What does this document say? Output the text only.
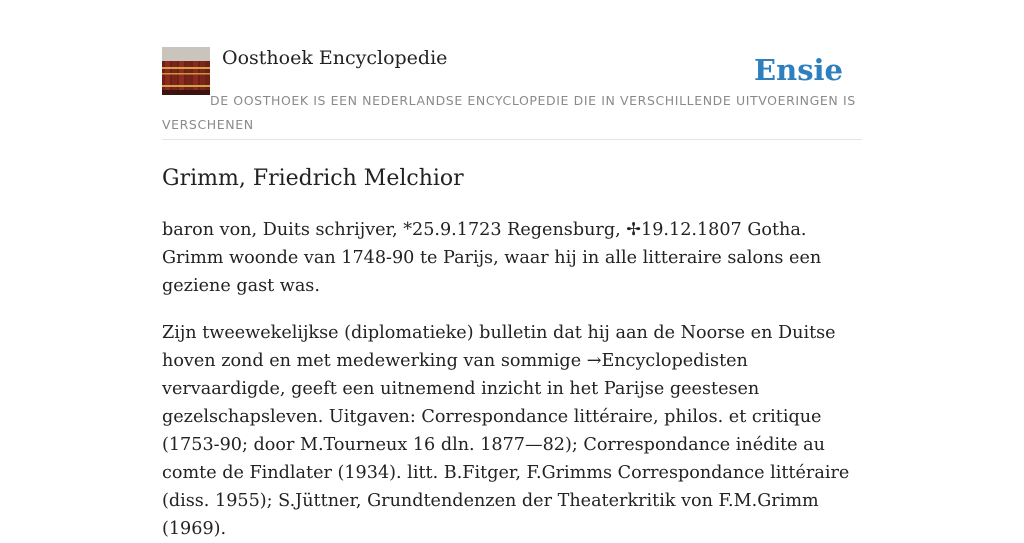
Oosthoek Encyclopedie	Ensie
DE OOSTHOEK IS EEN NEDERLANDSE ENCYCLOPEDIE DIE IN VERSCHILLENDE UITVOERINGEN IS VERSCHENEN
Grimm, Friedrich Melchior

baron von, Duits schrijver, *25.9.1723 Regensburg, ✢19.12.1807 Gotha. Grimm woonde van 1748-90 te Parijs, waar hij in alle litteraire salons een geziene gast was.

Zijn tweewekelijkse (diplomatieke) bulletin dat hij aan de Noorse en Duitse hoven zond en met medewerking van sommige →Encyclopedisten vervaardigde, geeft een uitnemend inzicht in het Parijse geestesen gezelschapsleven. Uitgaven: Correspondance littéraire, philos. et critique (1753-90; door M.Tourneux 16 dln. 1877—82); Correspondance inédite au comte de Findlater (1934). litt. B.Fitger, F.Grimms Correspondance littéraire (diss. 1955); S.Jüttner, Grundtendenzen der Theaterkritik von F.M.Grimm (1969).
